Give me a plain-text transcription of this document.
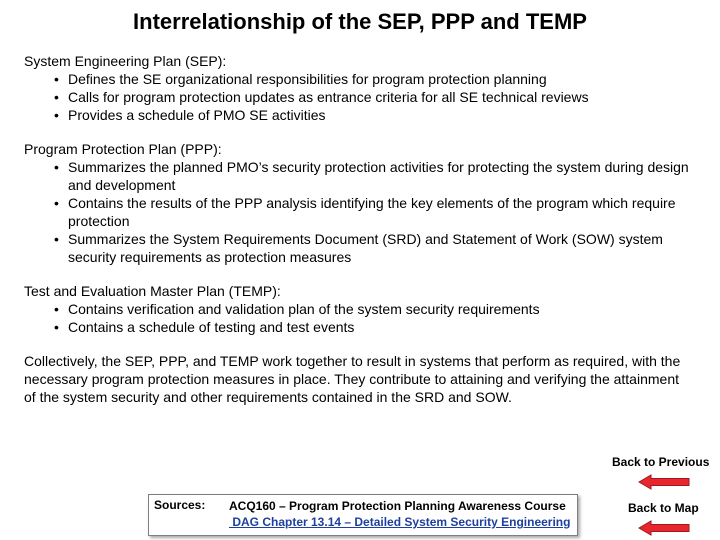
Interrelationship of the SEP, PPP and TEMP

System Engineering Plan (SEP):

• Defines the SE organizational responsibilities for program protection planning
• Calls for program protection updates as entrance criteria for all SE technical reviews
• Provides a schedule of PMO SE activities

Program Protection Plan (PPP):

• Summarizes the planned PMO’s security protection activities for protecting the system during design and development
• Contains the results of the PPP analysis identifying the key elements of the program which require protection
• Summarizes the System Requirements Document (SRD) and Statement of Work (SOW) system security requirements as protection measures

Test and Evaluation Master Plan (TEMP):

• Contains verification and validation plan of the system security requirements
• Contains a schedule of testing and test events

Collectively, the SEP, PPP, and TEMP work together to result in systems that perform as required, with the necessary program protection measures in place. They contribute to attaining and verifying the attainment of the system security and other requirements contained in the SRD and SOW.

Back to Previous
Back to Map
Sources: ACQ160 – Program Protection Planning Awareness Course
DAG Chapter 13.14 – Detailed System Security Engineering
